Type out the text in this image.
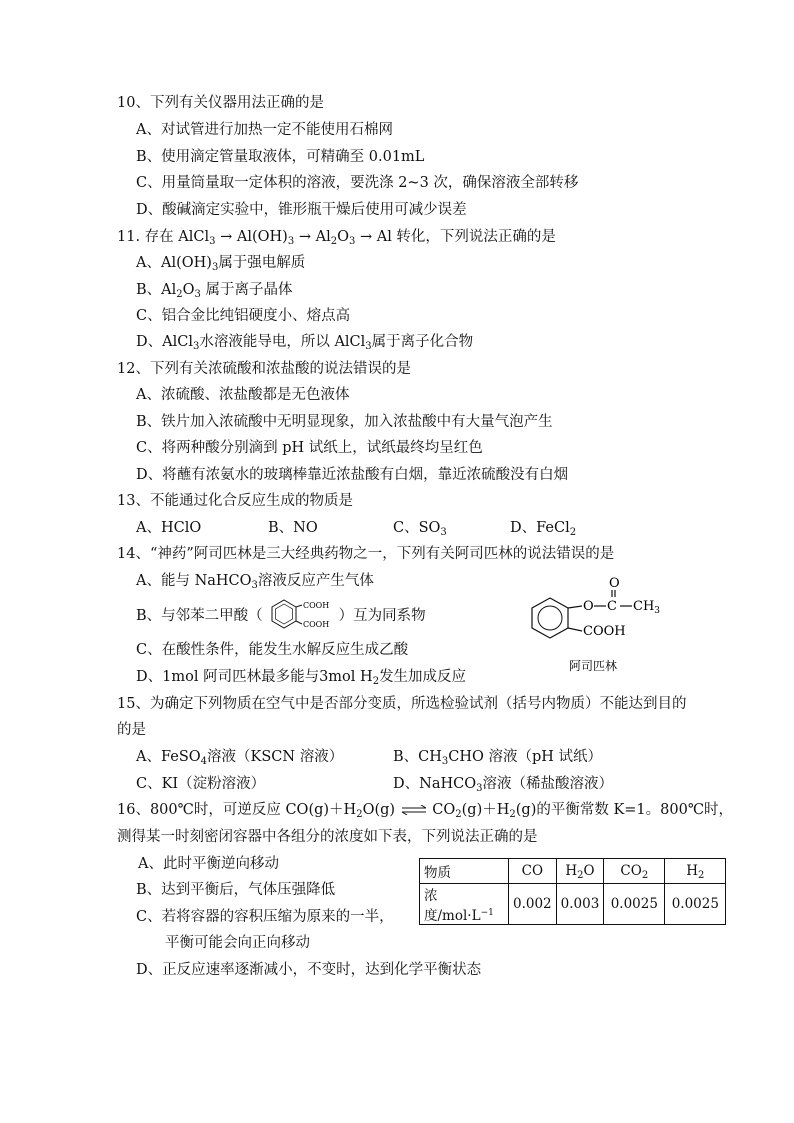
10、下列有关仪器用法正确的是
A、对试管进行加热一定不能使用石棉网
B、使用滴定管量取液体，可精确至 0.01mL
C、用量筒量取一定体积的溶液，要洗涤 2~3 次，确保溶液全部转移
D、酸碱滴定实验中，锥形瓶干燥后使用可减少误差
11. 存在 AlCl$_3$ → $Al(OH)_3 \to Al_2O_3 \to Al$ 转化，下列说法正确的是
A、$Al(OH)_3$属于强电解质
B、$Al_2O_3$ 属于离子晶体
C、铝合金比纯铝硬度小、熔点高
D、AlCl$_3$水溶液能导电，所以 AlCl$_3$属于离子化合物
12、下列有关浓硫酸和浓盐酸的说法错误的是
A、浓硫酸、浓盐酸都是无色液体
B、铁片加入浓硫酸中无明显现象，加入浓盐酸中有大量气泡产生
C、将两种酸分别滴到 pH 试纸上，试纸最终均呈红色
D、将蘸有浓氨水的玻璃棒靠近浓盐酸有白烟，靠近浓硫酸没有白烟
13、不能通过化合反应生成的物质是
A、HClO	B、NO	C、$SO_3$	D、FeCl$_2$
14、“神药”阿司匹林是三大经典药物之一，下列有关阿司匹林的说法错误的是
A、能与 NaHCO$_3$溶液反应产生气体
B、与邻苯二甲酸（	）互为同系物
COOH
COOH
C、在酸性条件，能发生水解反应生成乙酸
D、1mol 阿司匹林最多能与3mol $H_2$发生加成反应
O C
O
$CH_3$
COOH
阿司匹林
15、为确定下列物质在空气中是否部分变质，所选检验试剂（括号内物质）不能达到目的
的是
A、FeSO$_4$溶液（KSCN 溶液）	B、$CH_3CHO$ 溶液（pH 试纸）
C、KI（淀粉溶液）	D、NaHCO$_3$溶液（稀盐酸溶液）
16、800℃时，可逆反应 $CO(g)+H_2O(g)$ ⇌ $CO_2(g)+H_2(g)$的平衡常数 K=1。800℃时，
测得某一时刻密闭容器中各组分的浓度如下表，下列说法正确的是
A、此时平衡逆向移动
B、达到平衡后，气体压强降低
C、若将容器的容积压缩为原来的一半，
平衡可能会向正向移动
D、正反应速率逐渐减小，不变时，达到化学平衡状态
物质	CO	$H_2O$	$CO_2$	$H_2$
浓度$/mol\cdot L^{-1}$	0.002	0.003	0.0025	0.0025
